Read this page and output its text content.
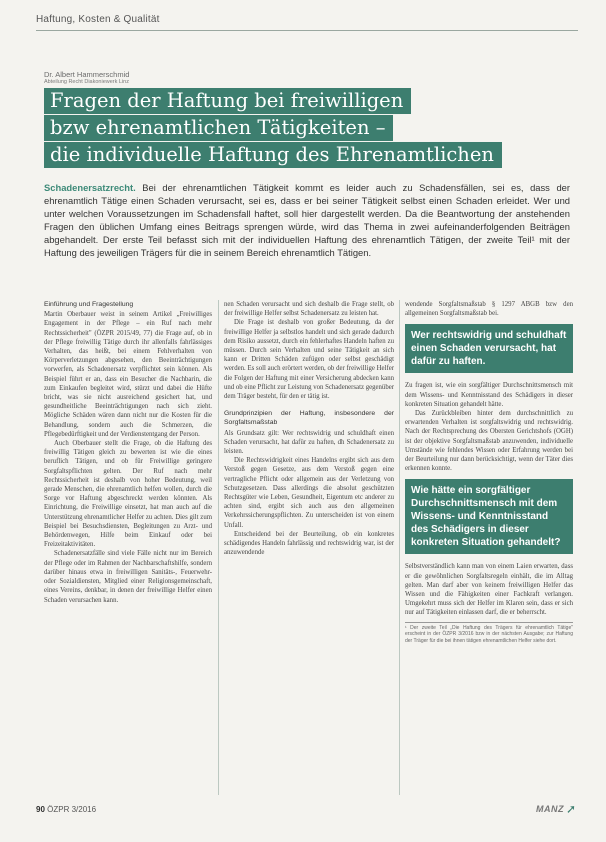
Haftung, Kosten & Qualität
Dr. Albert Hammerschmid
Abteilung Recht Diakoniewerk Linz
Fragen der Haftung bei freiwilligen
bzw ehrenamtlichen Tätigkeiten –
die individuelle Haftung des Ehrenamtlichen
Schadenersatzrecht. Bei der ehrenamtlichen Tätigkeit kommt es leider auch zu Schadensfällen, sei es, dass der ehrenamtlich Tätige einen Schaden verursacht, sei es, dass er bei seiner Tätigkeit selbst einen Schaden erleidet. Wer und unter welchen Voraussetzungen im Schadensfall haftet, soll hier dargestellt werden. Da die Beantwortung der anstehenden Fragen den üblichen Umfang eines Beitrags sprengen würde, wird das Thema in zwei aufeinanderfolgenden Beiträgen abgehandelt. Der erste Teil befasst sich mit der individuellen Haftung des ehrenamtlich Tätigen, der zweite Teil¹ mit der Haftung des jeweiligen Trägers für die in seinem Bereich ehrenamtlich Tätigen.

Einführung und Fragestellung

Martin Oberbauer weist in seinem Artikel „Freiwilliges Engagement in der Pflege – ein Ruf nach mehr Rechtssicherheit" (ÖZPR 2015/49, 77) die Frage auf, ob in der Pflege freiwillig Tätige durch ihr allenfalls fahrlässiges Verhalten, das heißt, bei einem Fehlverhalten von Körperverletzungen abgesehen, den Beeinträchtigungen vorwerfen, als Schadenersatz verpflichtet sein können. Als Beispiel führt er an, dass ein Besucher die Nachbarin, die zum Einkaufen begleitet wird, stürzt und dabei die Hüfte bricht, was sie nicht ausreichend gesichert hat, und gesundheitliche Beeinträchtigungen nach sich zieht. Mögliche Schäden wären dann nicht nur die Kosten für die Behandlung, sondern auch die Schmerzen, die Pflegebedürftigkeit und der Verdienstentgang der Person.

Auch Oberbauer stellt die Frage, ob die Haftung des freiwillig Tätigen gleich zu bewerten ist wie die eines beruflich Tätigen, und ob für Freiwillige geringere Sorgfaltspflichten gelten. Der Ruf nach mehr Rechtssicherheit ist deshalb von hoher Bedeutung, weil gerade Menschen, die ehrenamtlich helfen wollen, durch die Sorge vor Haftung abgeschreckt werden könnten. Als Einrichtung, die Freiwillige einsetzt, hat man auch auf die Unterstützung ehrenamtlicher Helfer zu achten. Dies gilt zum Beispiel bei Besuchsdiensten, Begleitungen zu Arzt- und Behördenwegen, Hilfe beim Einkauf oder bei Freizeitaktivitäten.

Schadenersatzfälle sind viele Fälle nicht nur im Bereich der Pflege oder im Rahmen der Nachbarschaftshilfe, sondern darüber hinaus etwa in freiwilligen Sanitäts-, Feuerwehr- oder Sozialdiensten, Mitglied einer Religionsgemeinschaft, eines Vereins, denkbar, in denen der freiwillige Helfer einen Schaden verursachen kann.

nen Schaden verursacht und sich deshalb die Frage stellt, ob der freiwillige Helfer selbst Schadenersatz zu leisten hat.

Die Frage ist deshalb von großer Bedeutung, da der freiwillige Helfer ja selbstlos handelt und sich gerade dadurch dem Risiko aussetzt, durch ein fehlerhaftes Handeln haften zu müssen. Durch sein Verhalten und seine Tätigkeit an sich kann er Dritten Schäden zufügen oder selbst geschädigt werden. Es soll auch erörtert werden, ob der freiwillige Helfer die Folgen der Haftung mit einer Versicherung abdecken kann und ob eine Pflicht zur Leistung von Schadenersatz gegenüber dem Träger besteht, für den er tätig ist.

Grundprinzipien der Haftung, insbesondere der Sorgfaltsmaßstab

Als Grundsatz gilt: Wer rechtswidrig und schuldhaft einen Schaden verursacht, hat dafür zu haften, dh Schadenersatz zu leisten.

Die Rechtswidrigkeit eines Handelns ergibt sich aus dem Verstoß gegen Gesetze, aus dem Verstoß gegen eine vertragliche Pflicht oder allgemein aus der Verletzung von Schutzgesetzen. Dass allerdings die absolut geschützten Rechtsgüter wie Leben, Gesundheit, Eigentum etc anderer zu achten sind, ergibt sich auch aus den allgemeinen Verkehrssicherungspflichten. Zu unterscheiden ist von einem Unfall.

Entscheidend bei der Beurteilung, ob ein konkretes schädigendes Handeln fahrlässig und rechtswidrig war, ist der anzuwendende

wendende Sorgfaltsmaßstab § 1297 ABGB bzw den allgemeinen Sorgfaltsmaßstab bei.

Wer rechtswidrig und schuldhaft einen Schaden verursacht, hat dafür zu haften.

Zu fragen ist, wie ein sorgfältiger Durchschnittsmensch mit dem Wissens- und Kenntnisstand des Schädigers in dieser konkreten Situation gehandelt hätte.

Das Zurückbleiben hinter dem durchschnittlich zu erwartenden Verhalten ist sorgfaltswidrig und rechtswidrig. Nach der Rechtsprechung des Obersten Gerichtshofs (OGH) ist der objektive Sorgfaltsmaßstab anzuwenden, individuelle Umstände wie fehlendes Wissen oder Erfahrung werden bei der Beurteilung nur dann berücksichtigt, wenn der Täter dies erkennen konnte.

Wie hätte ein sorgfältiger Durchschnittsmensch mit dem Wissens- und Kenntnisstand des Schädigers in dieser konkreten Situation gehandelt?

Selbstverständlich kann man von einem Laien erwarten, dass er die gewöhnlichen Sorgfaltsregeln einhält, die im Alltag gelten. Man darf aber von keinem freiwilligen Helfer das Wissen und die Fähigkeiten einer Fachkraft verlangen. Umgekehrt muss sich der Helfer im Klaren sein, dass er sich nur auf Tätigkeiten einlassen darf, die er beherrscht.

¹ Der zweite Teil „Die Haftung des Trägers für ehrenamtlich Tätige" erscheint in der ÖZPR 3/2016 bzw in der nächsten Ausgabe; zur Haftung der Träger für die bei ihnen tätigen ehrenamtlichen Helfer siehe dort.
90 ÖZPR 3/2016	MANZ ➚
